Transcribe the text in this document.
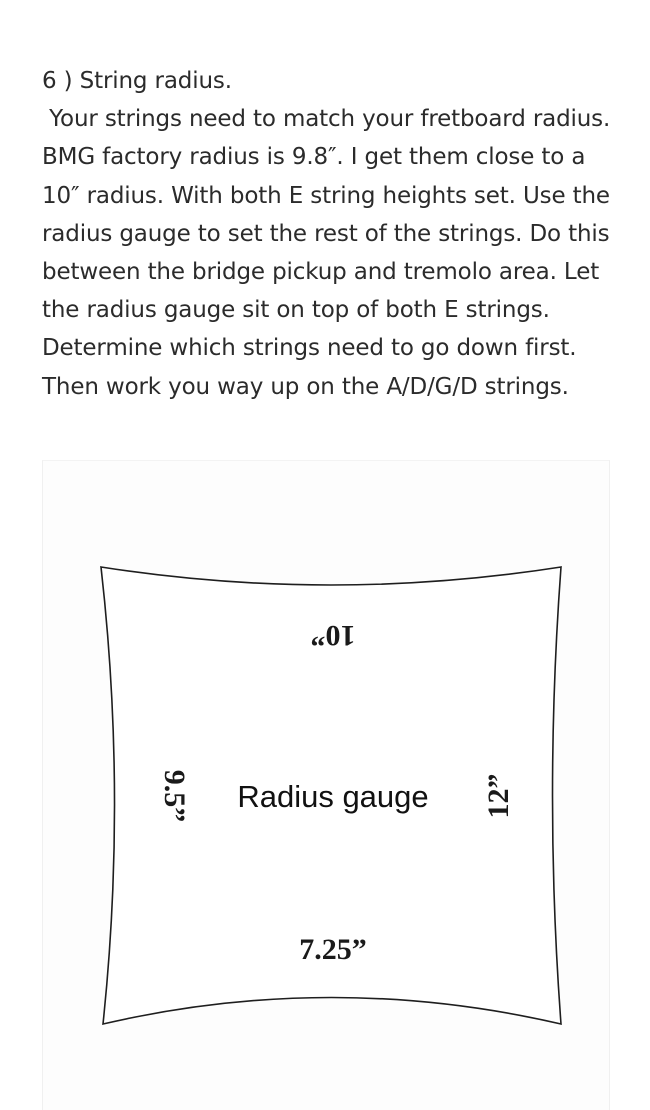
6 ) String radius.
Your strings need to match your fretboard radius. BMG factory radius is 9.8″. I get them close to a 10″ radius. With both E string heights set. Use the radius gauge to set the rest of the strings. Do this between the bridge pickup and tremolo area. Let the radius gauge sit on top of both E strings. Determine which strings need to go down first. Then work you way up on the A/D/G/D strings.

10”
7.25”
9.5”	12”
Radius gauge
